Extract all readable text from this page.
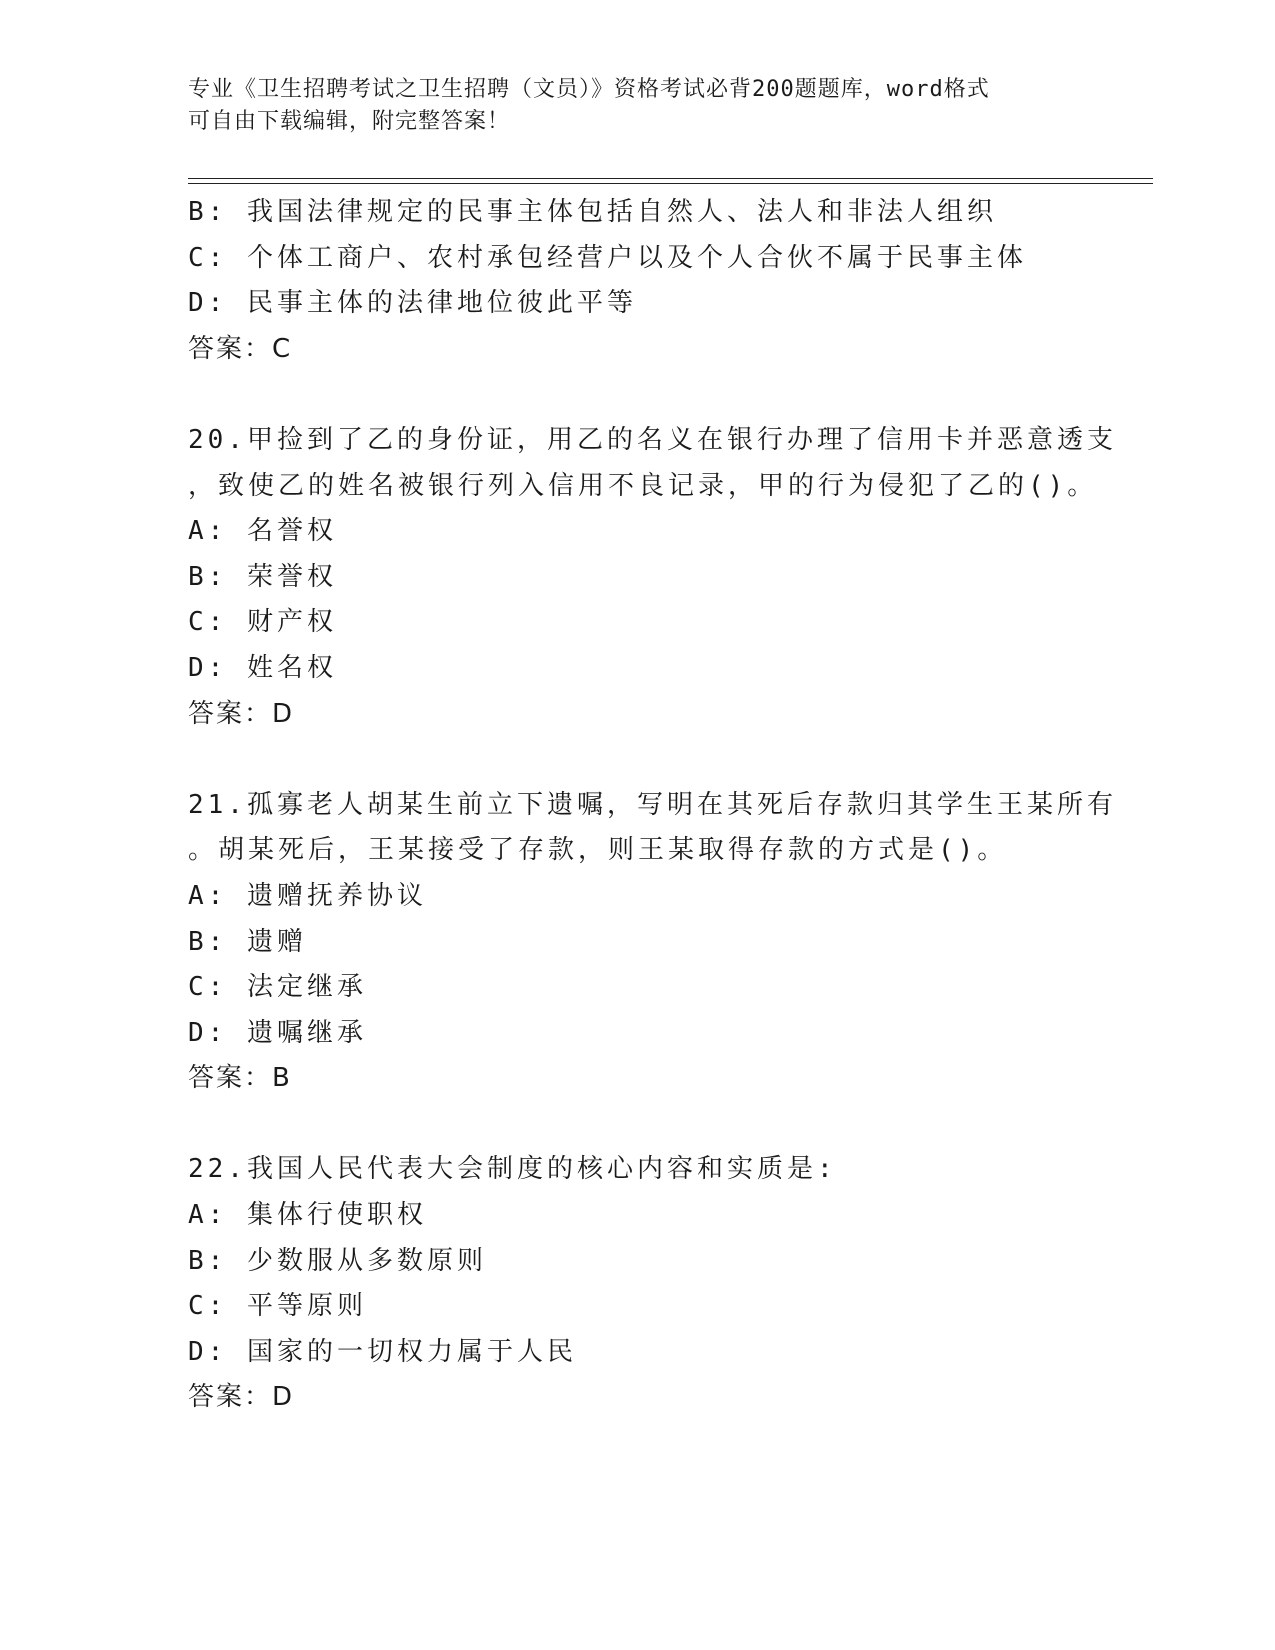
专业《卫生招聘考试之卫生招聘（文员）》资格考试必背200题题库，word格式
可自由下载编辑，附完整答案！
B: 我国法律规定的民事主体包括自然人、法人和非法人组织
C: 个体工商户、农村承包经营户以及个人合伙不属于民事主体
D: 民事主体的法律地位彼此平等
答案：C
20.甲捡到了乙的身份证，用乙的名义在银行办理了信用卡并恶意透支
，致使乙的姓名被银行列入信用不良记录，甲的行为侵犯了乙的()。
A: 名誉权
B: 荣誉权
C: 财产权
D: 姓名权
答案：D
21.孤寡老人胡某生前立下遗嘱，写明在其死后存款归其学生王某所有
。胡某死后，王某接受了存款，则王某取得存款的方式是()。
A: 遗赠抚养协议
B: 遗赠
C: 法定继承
D: 遗嘱继承
答案：B
22.我国人民代表大会制度的核心内容和实质是:
A: 集体行使职权
B: 少数服从多数原则
C: 平等原则
D: 国家的一切权力属于人民
答案：D
